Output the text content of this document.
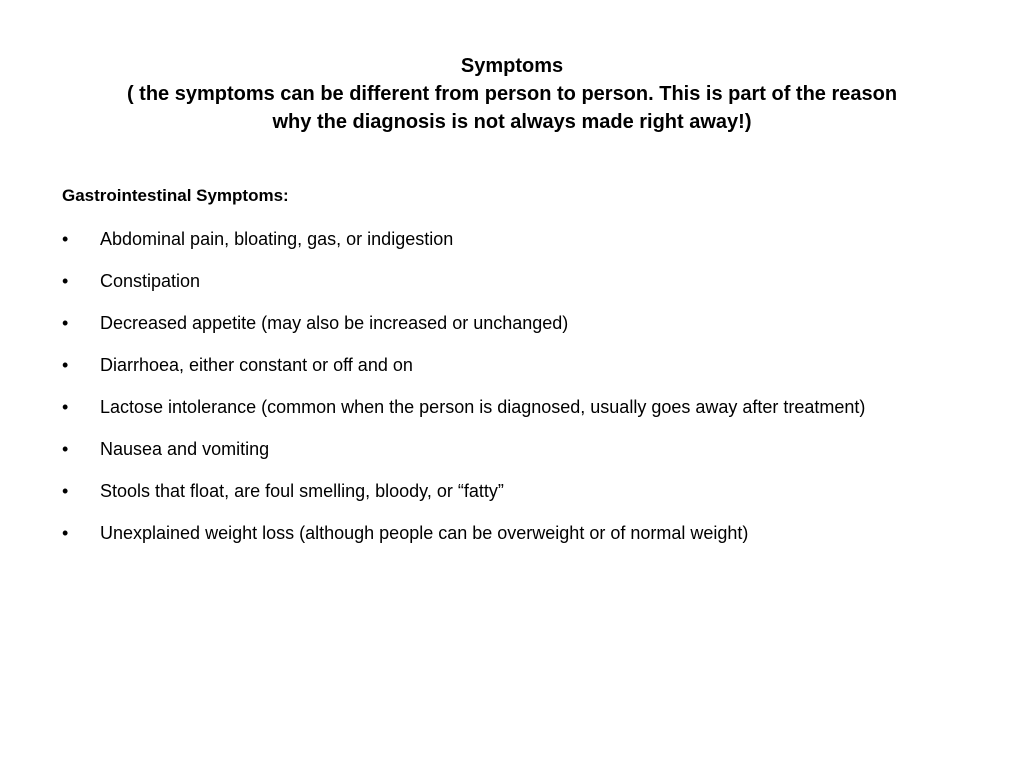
Symptoms
( the symptoms can be different from person to person. This is part of the reason
why the diagnosis is not always made right away!)
Gastrointestinal Symptoms:
•	Abdominal pain, bloating, gas, or indigestion
•	Constipation
•	Decreased appetite (may also be increased or unchanged)
•	Diarrhoea, either constant or off and on
•	Lactose intolerance (common when the person is diagnosed, usually goes away after treatment)
•	Nausea and vomiting
•	Stools that float, are foul smelling, bloody, or “fatty”
•	Unexplained weight loss (although people can be overweight or of normal weight)
